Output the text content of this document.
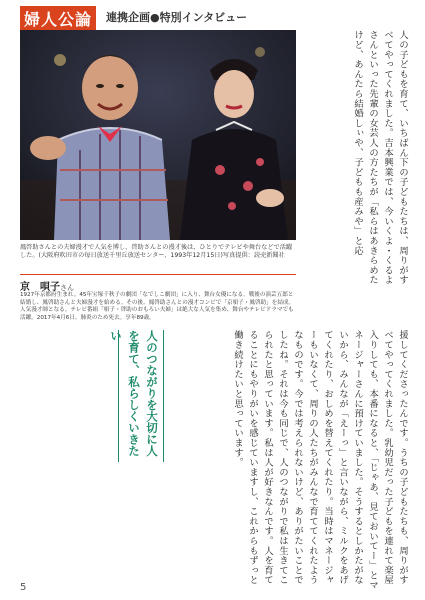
婦人公論	連携企画●特別インタビュー

鳳啓助さんとの夫婦漫才で人気を博し、啓助さんとの漫才後は、ひとりでテレビや舞台などで活躍した。(大阪府吹田市の毎日放送千里丘放送センター、1993年12月15日)写真提供：読売新聞社

京　唄子さん

1927年京都府生まれ。45年宝塚千秋子の劇団「なでしこ劇団」に入り、舞台女優になる。戦後の演芸五郎と結婚し、鳳啓助さんと夫婦漫才を始める。その後、鳳啓助さんとの漫才コンビで「京唄子・鳳啓助」を結成。人気漫才師となる。テレビ番組「唄子・啓助のおもろい夫婦」は絶大な人気を集め、舞台やテレビドラマでも活躍。2017年4月6日、肺炎のため死去。享年89歳。

人の子どもを育て、いちばん下の子どもたちは、周りがすべてやってくれました。吉本興業では、今いくよ・くるよさんといった先輩の女芸人の方たちが「私らはあきらめたけど、あんたら結婚しぃや、子どもも産みや」と応

援してくださったんです。うちの子どもたちも、周りがすべてやってくれました。乳幼児だった子どもを連れて楽屋入りしても、本番になると、「じゃあ、見ておいてー」とマネージャーさんに預けていました。そうするとしかたがないから、みんなが「えーっ」と言いながら、ミルクをあげてくれたり、おしめを替えてくれたり。当時はマネージャーもいなくて、周りの人たちがみんなで育ててくれたようなものです。今では考えられないけど、ありがたいことでしたね。それは今も同じで、人のつながりで私は生きてこられたと思っています。私は人が好きなんです。人を育てることにもやりがいを感じていますし、これからもずっと働き続けたいと思っています。

人のつながりを大切に人を育て、私らしくいきたい
5
